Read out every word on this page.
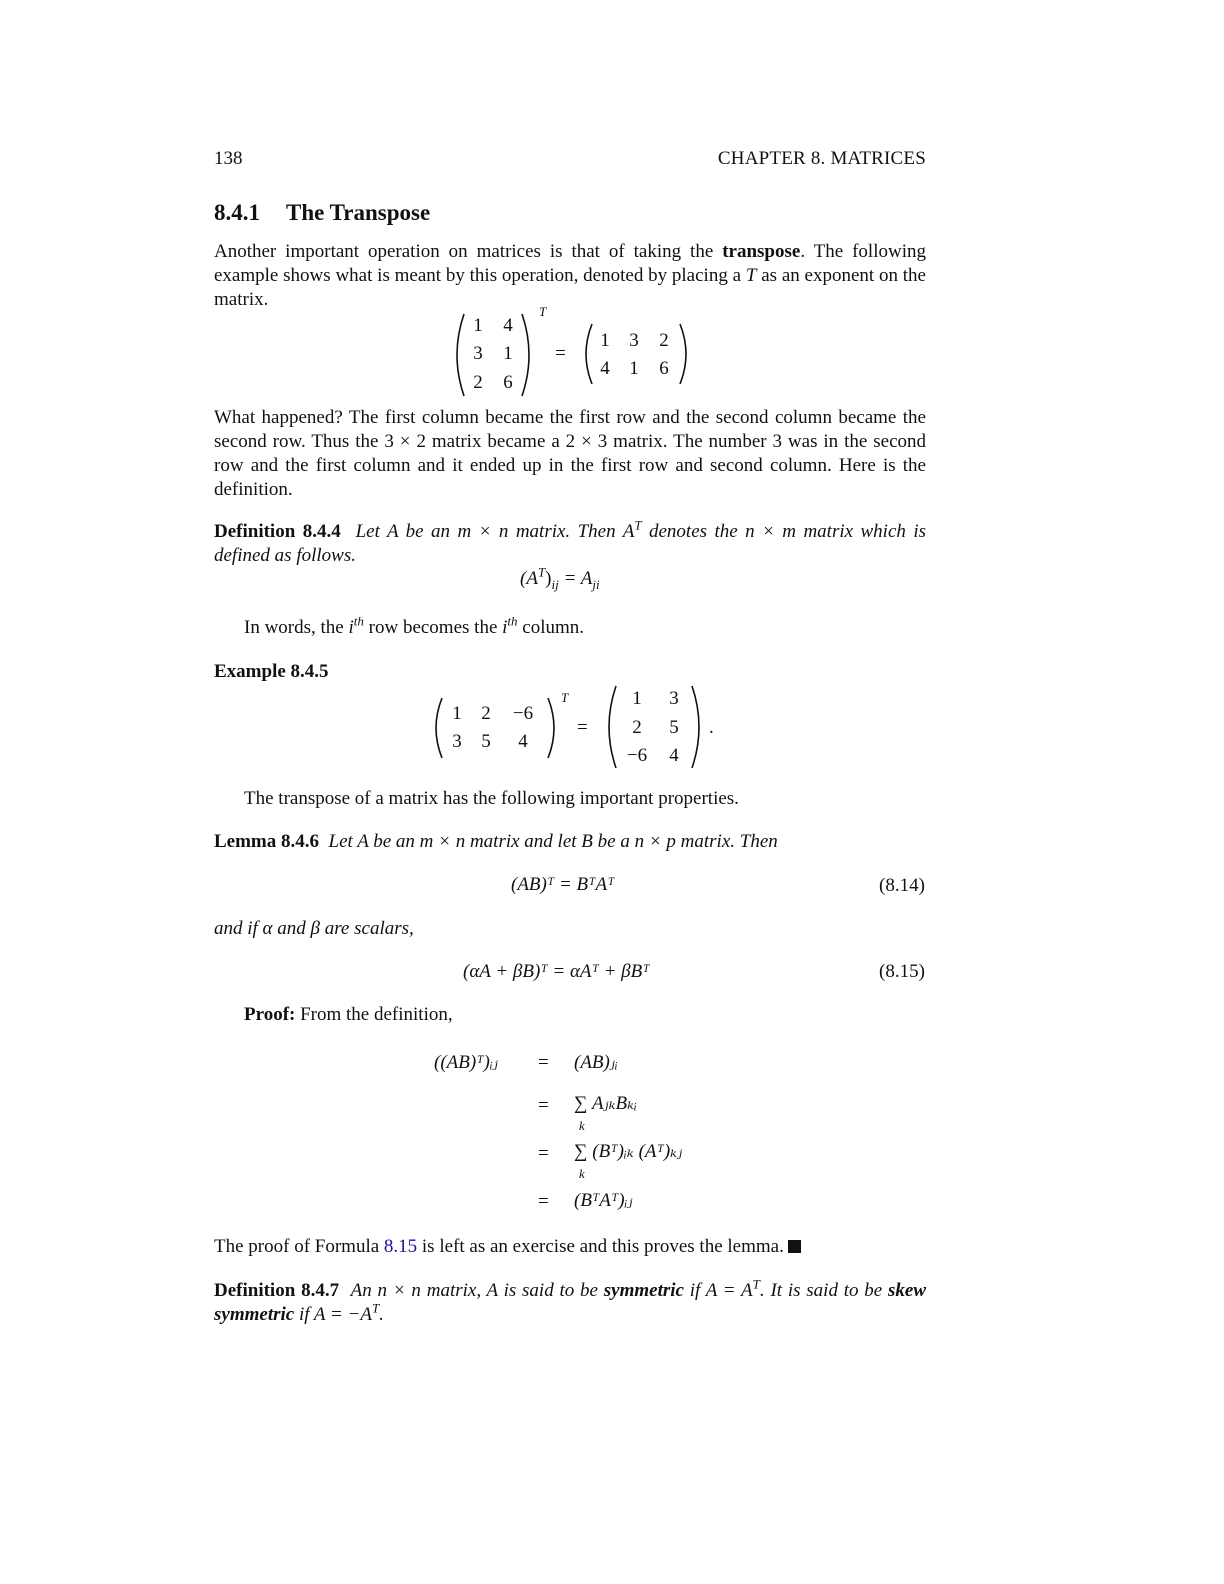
138	CHAPTER 8. MATRICES
8.4.1 The Transpose
Another important operation on matrices is that of taking the transpose. The following example shows what is meant by this operation, denoted by placing a T as an exponent on the matrix.
1	4
3	1
2	6
T
=
1	3	2
4	1	6
What happened? The first column became the first row and the second column became the second row. Thus the 3 × 2 matrix became a 2 × 3 matrix. The number 3 was in the second row and the first column and it ended up in the first row and second column. Here is the definition.
Definition 8.4.4 Let A be an m × n matrix. Then $A^T$ denotes the n × m matrix which is defined as follows.
$(A^T)_{ij} = A_{ji}$
In words, the $i^{th}$ row becomes the $i^{th}$ column.
Example 8.4.5
1	2	−6
3	5	4
T
=
1	3
2	5
−6	4
.
The transpose of a matrix has the following important properties.
Lemma 8.4.6 Let A be an m × n matrix and let B be a n × p matrix. Then
(AB)ᵀ = BᵀAᵀ	(8.14)
and if α and β are scalars,
(αA + βB)ᵀ = αAᵀ + βBᵀ	(8.15)
Proof: From the definition,
((AB)ᵀ)ᵢⱼ = (AB)ⱼᵢ
= ∑ AⱼₖBₖᵢ
k
= ∑ (Bᵀ)ᵢₖ (Aᵀ)ₖⱼ
k
= (BᵀAᵀ)ᵢⱼ
The proof of Formula 8.15 is left as an exercise and this proves the lemma.
Definition 8.4.7 An n × n matrix, A is said to be symmetric if $A = A^T$. It is said to be skew symmetric if $A = -A^T$.
